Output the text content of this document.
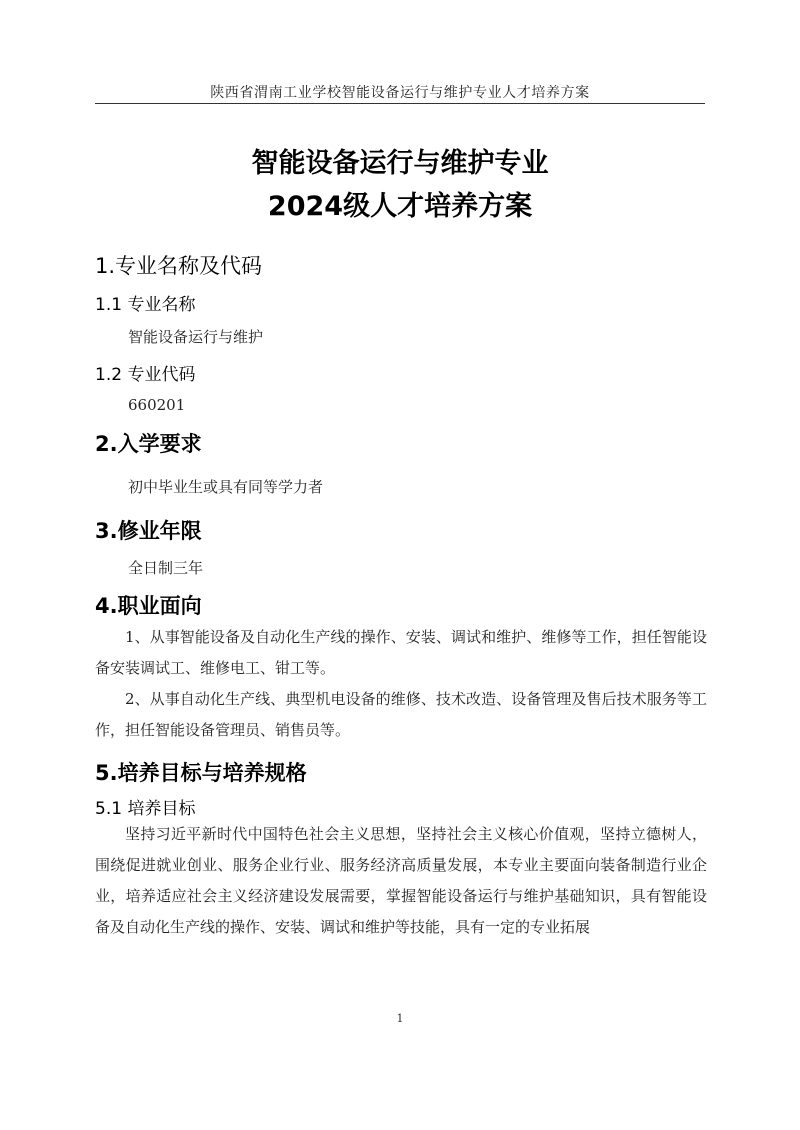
陕西省渭南工业学校智能设备运行与维护专业人才培养方案
智能设备运行与维护专业
2024级人才培养方案
1.专业名称及代码
1.1 专业名称
智能设备运行与维护
1.2 专业代码
660201
2.入学要求
初中毕业生或具有同等学力者
3.修业年限
全日制三年
4.职业面向

1、从事智能设备及自动化生产线的操作、安装、调试和维护、维修等工作，担任智能设备安装调试工、维修电工、钳工等。

2、从事自动化生产线、典型机电设备的维修、技术改造、设备管理及售后技术服务等工作，担任智能设备管理员、销售员等。

5.培养目标与培养规格
5.1 培养目标

坚持习近平新时代中国特色社会主义思想，坚持社会主义核心价值观，坚持立德树人，围绕促进就业创业、服务企业行业、服务经济高质量发展，本专业主要面向装备制造行业企业，培养适应社会主义经济建设发展需要，掌握智能设备运行与维护基础知识，具有智能设备及自动化生产线的操作、安装、调试和维护等技能，具有一定的专业拓展

1
